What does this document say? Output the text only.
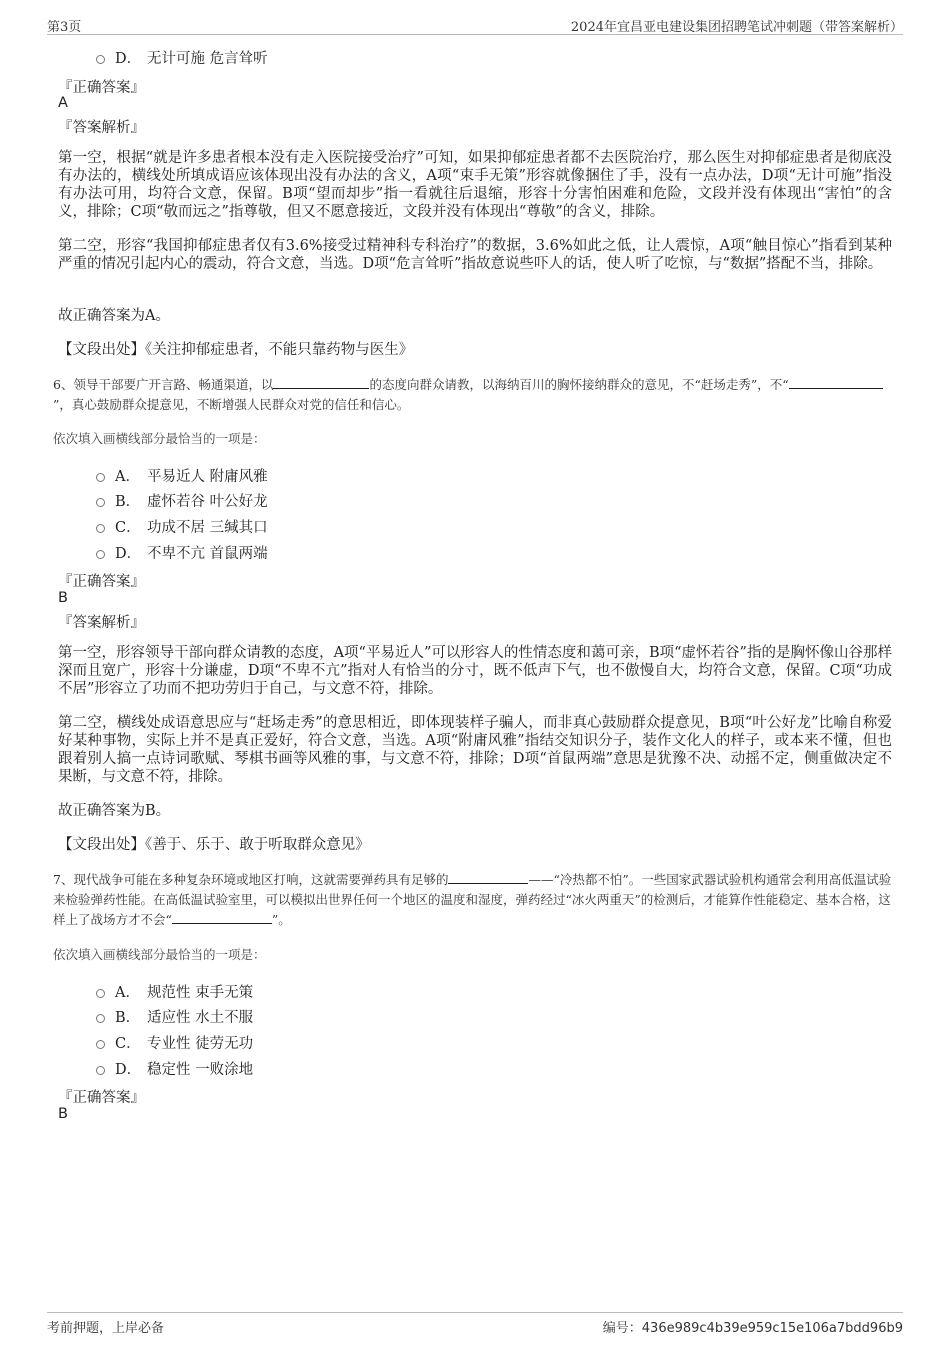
第3页	2024年宜昌亚电建设集团招聘笔试冲刺题（带答案解析）
D． 无计可施 危言耸听
『正确答案』
A
『答案解析』
第一空，根据“就是许多患者根本没有走入医院接受治疗”可知，如果抑郁症患者都不去医院治疗，那么医生对抑郁症患者是彻底没有办法的，横线处所填成语应该体现出没有办法的含义，A项“束手无策”形容就像捆住了手，没有一点办法，D项“无计可施”指没有办法可用，均符合文意，保留。B项“望而却步”指一看就往后退缩，形容十分害怕困难和危险，文段并没有体现出“害怕”的含义，排除；C项“敬而远之”指尊敬，但又不愿意接近，文段并没有体现出“尊敬”的含义，排除。
第二空，形容“我国抑郁症患者仅有3.6%接受过精神科专科治疗”的数据，3.6%如此之低，让人震惊，A项“触目惊心”指看到某种严重的情况引起内心的震动，符合文意，当选。D项“危言耸听”指故意说些吓人的话，使人听了吃惊，与“数据”搭配不当，排除。
故正确答案为A。
【文段出处】《关注抑郁症患者，不能只靠药物与医生》
6、领导干部要广开言路、畅通渠道，以	的态度向群众请教，以海纳百川的胸怀接纳群众的意见，不“赶场走秀”，不“”，真心鼓励群众提意见，不断增强人民群众对党的信任和信心。
依次填入画横线部分最恰当的一项是：
A． 平易近人 附庸风雅
B． 虚怀若谷 叶公好龙
C． 功成不居 三缄其口
D． 不卑不亢 首鼠两端
『正确答案』
B
『答案解析』
第一空，形容领导干部向群众请教的态度，A项“平易近人”可以形容人的性情态度和蔼可亲，B项“虚怀若谷”指的是胸怀像山谷那样深而且宽广，形容十分谦虚，D项“不卑不亢”指对人有恰当的分寸，既不低声下气，也不傲慢自大，均符合文意，保留。C项“功成不居”形容立了功而不把功劳归于自己，与文意不符，排除。
第二空，横线处成语意思应与“赶场走秀”的意思相近，即体现装样子骗人，而非真心鼓励群众提意见，B项“叶公好龙”比喻自称爱好某种事物，实际上并不是真正爱好，符合文意，当选。A项“附庸风雅”指结交知识分子，装作文化人的样子，或本来不懂，但也跟着别人搞一点诗词歌赋、琴棋书画等风雅的事，与文意不符，排除；D项“首鼠两端”意思是犹豫不决、动摇不定，侧重做决定不果断，与文意不符，排除。
故正确答案为B。
【文段出处】《善于、乐于、敢于听取群众意见》
7、现代战争可能在多种复杂环境或地区打响，这就需要弹药具有足够的	——“冷热都不怕”。一些国家武器试验机构通常会利用高低温试验来检验弹药性能。在高低温试验室里，可以模拟出世界任何一个地区的温度和湿度，弹药经过“冰火两重天”的检测后，才能算作性能稳定、基本合格，这样上了战场方才不会“	”。
依次填入画横线部分最恰当的一项是：
A． 规范性 束手无策
B． 适应性 水土不服
C． 专业性 徒劳无功
D． 稳定性 一败涂地
『正确答案』
B
考前押题，上岸必备	编号：436e989c4b39e959c15e106a7bdd96b9
